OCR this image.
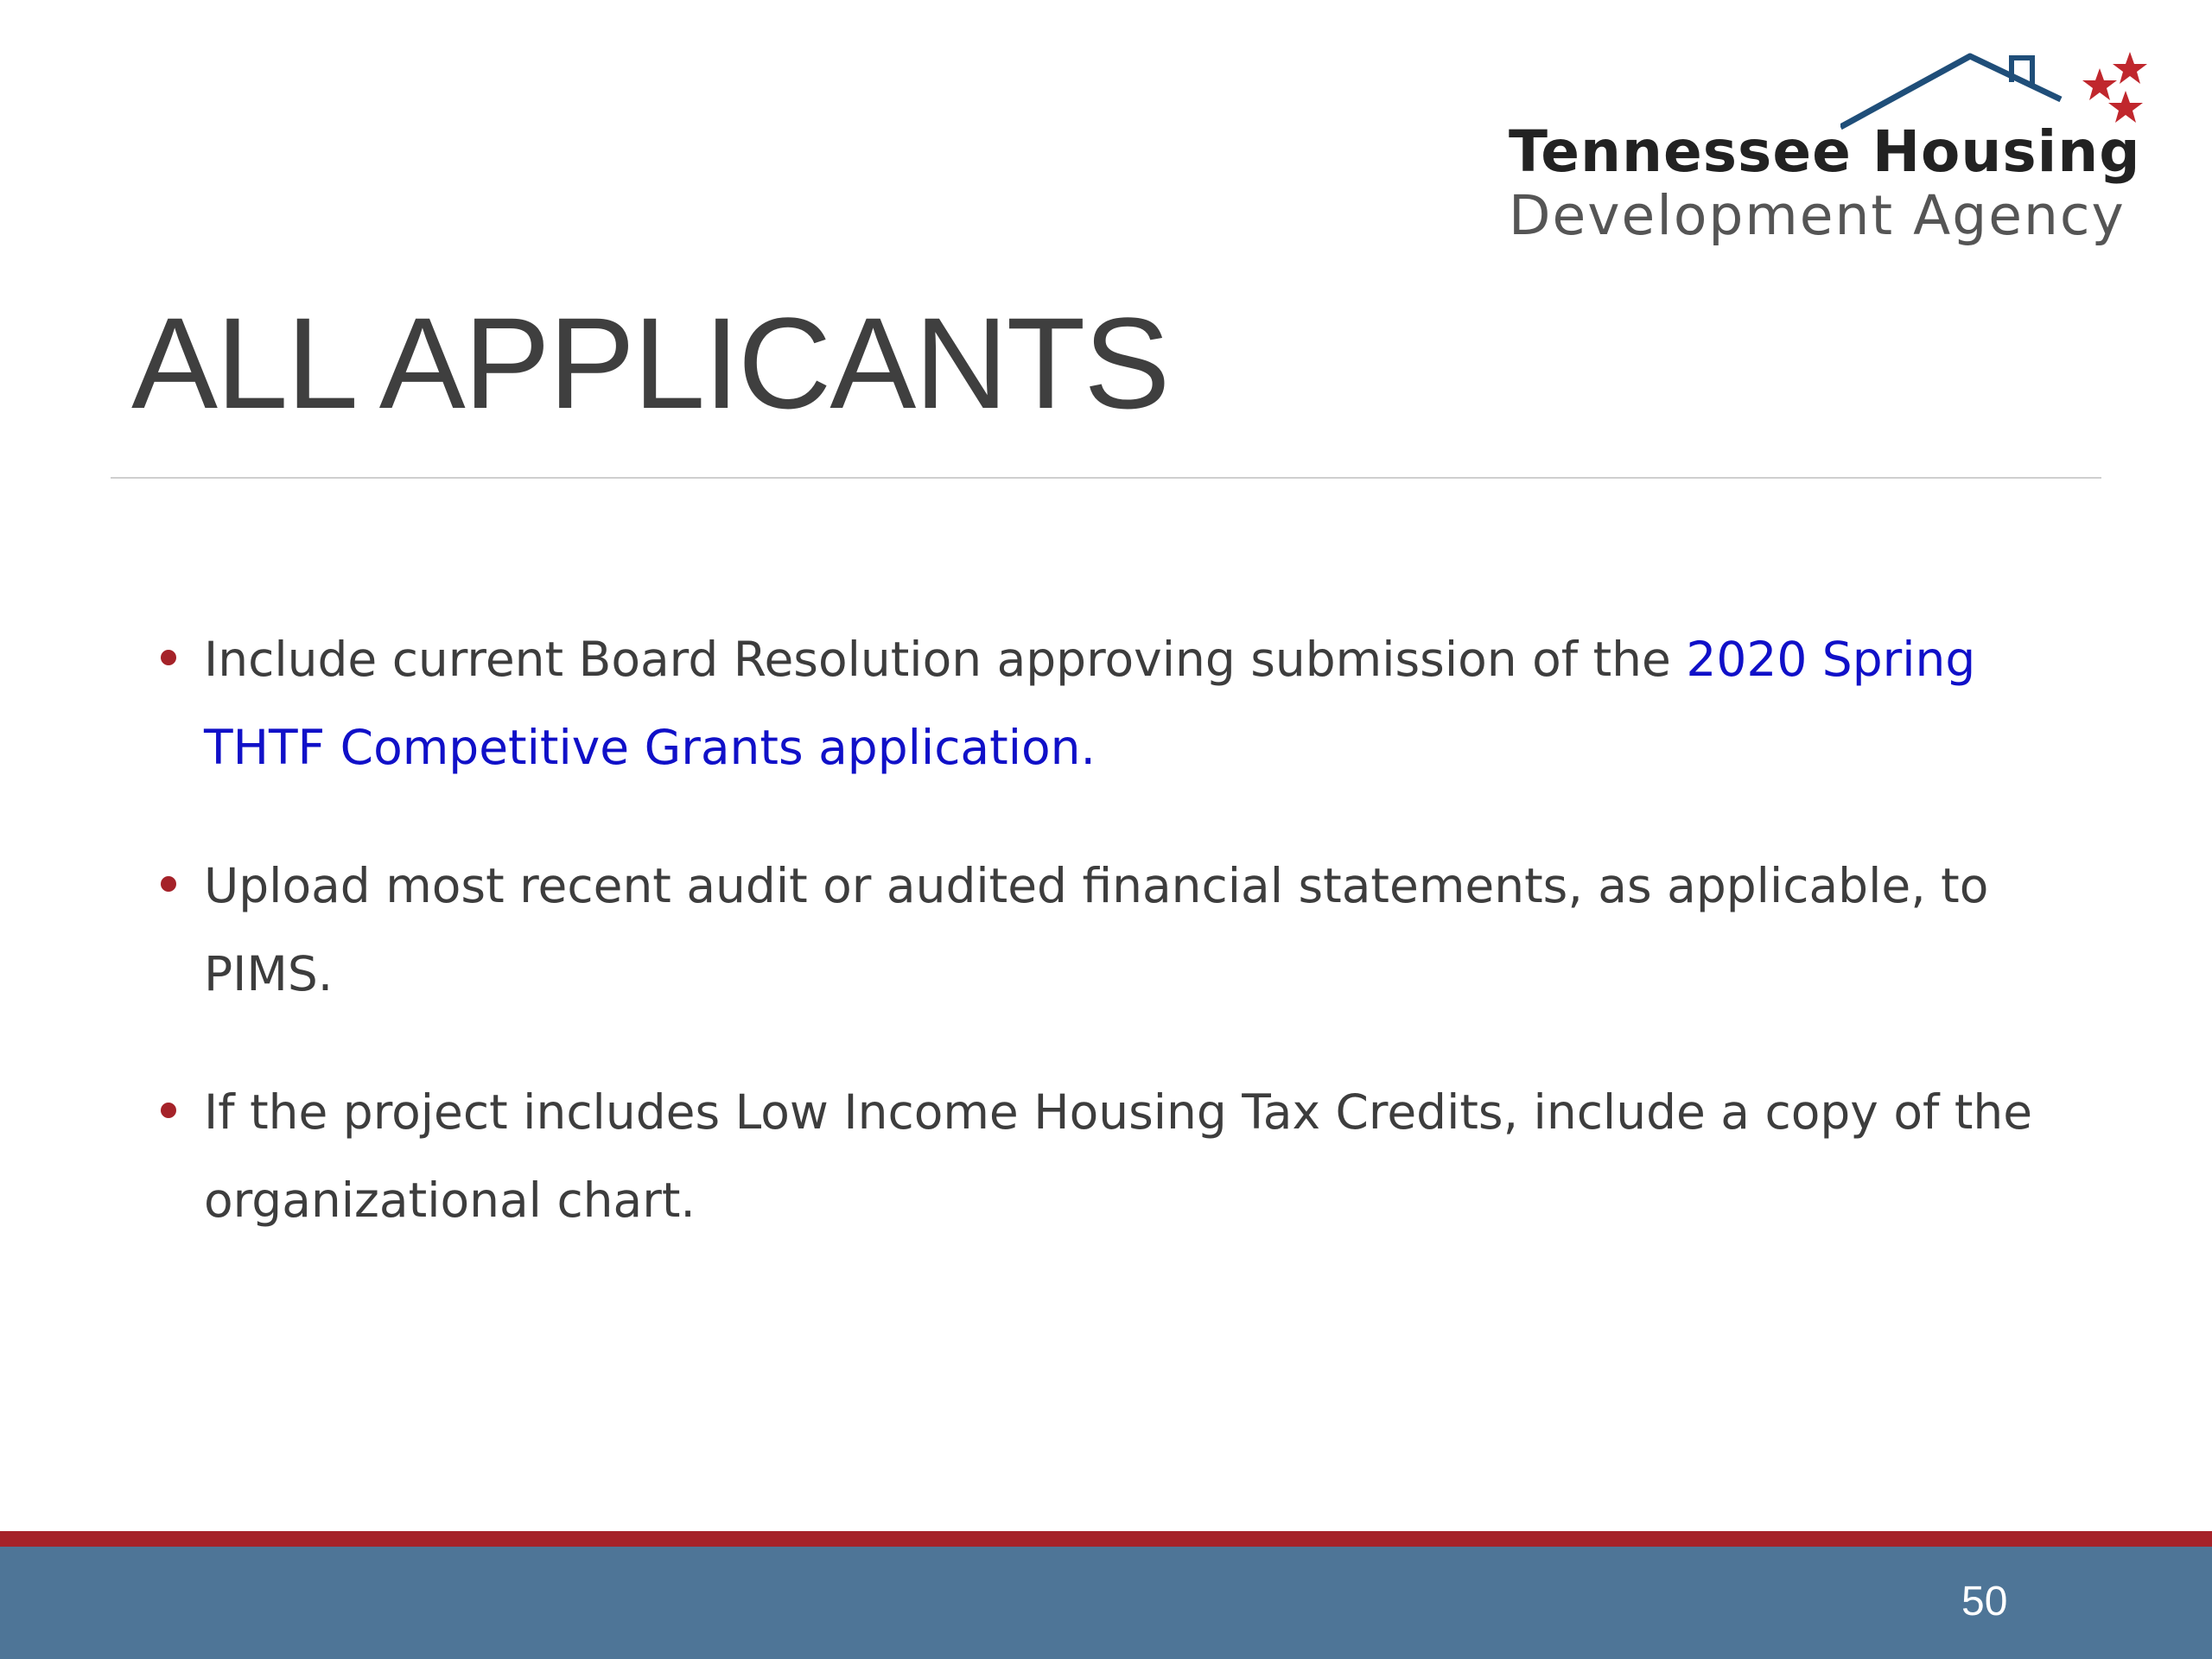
Tennessee Housing
Development Agency
ALL APPLICANTS
Include current Board Resolution approving submission of the 2020 Spring THTF Competitive Grants application.
Upload most recent audit or audited financial statements, as applicable, to PIMS.
If the project includes Low Income Housing Tax Credits, include a copy of the organizational chart.
50
